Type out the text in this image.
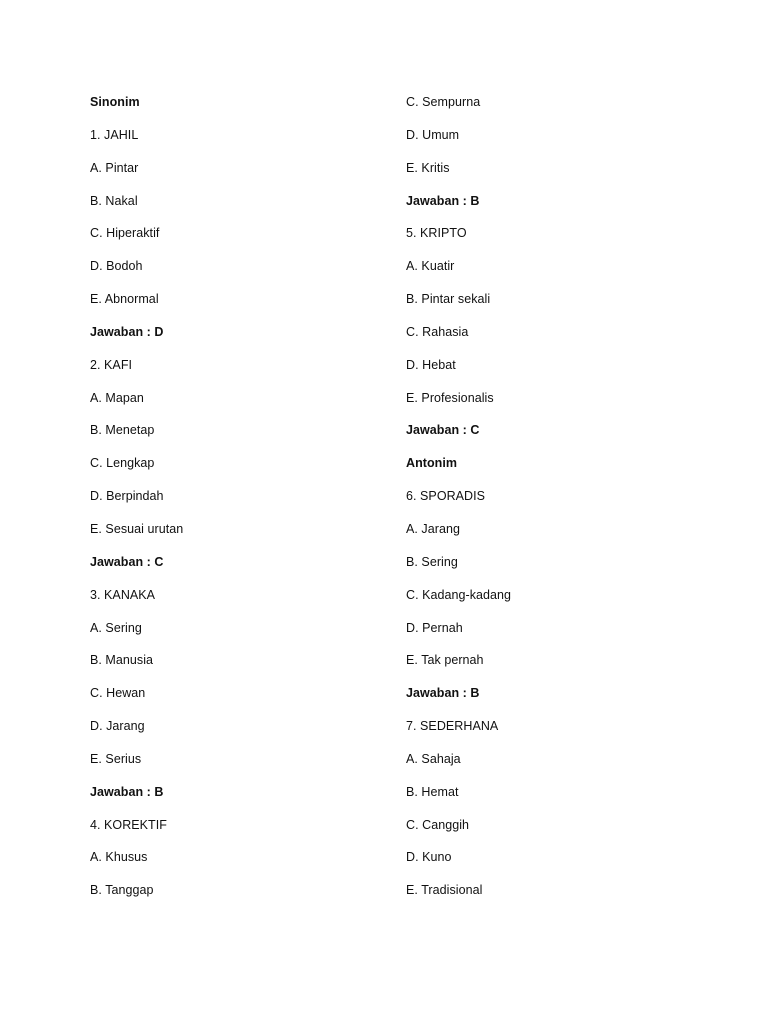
Sinonim
1. JAHIL
A. Pintar
B. Nakal
C. Hiperaktif
D. Bodoh
E. Abnormal
Jawaban : D
2. KAFI
A. Mapan
B. Menetap
C. Lengkap
D. Berpindah
E. Sesuai urutan
Jawaban : C
3. KANAKA
A. Sering
B. Manusia
C. Hewan
D. Jarang
E. Serius
Jawaban : B
4. KOREKTIF
A. Khusus
B. Tanggap
C. Sempurna
D. Umum
E. Kritis
Jawaban : B
5. KRIPTO
A. Kuatir
B. Pintar sekali
C. Rahasia
D. Hebat
E. Profesionalis
Jawaban : C
Antonim
6. SPORADIS
A. Jarang
B. Sering
C. Kadang-kadang
D. Pernah
E. Tak pernah
Jawaban : B
7. SEDERHANA
A. Sahaja
B. Hemat
C. Canggih
D. Kuno
E. Tradisional
